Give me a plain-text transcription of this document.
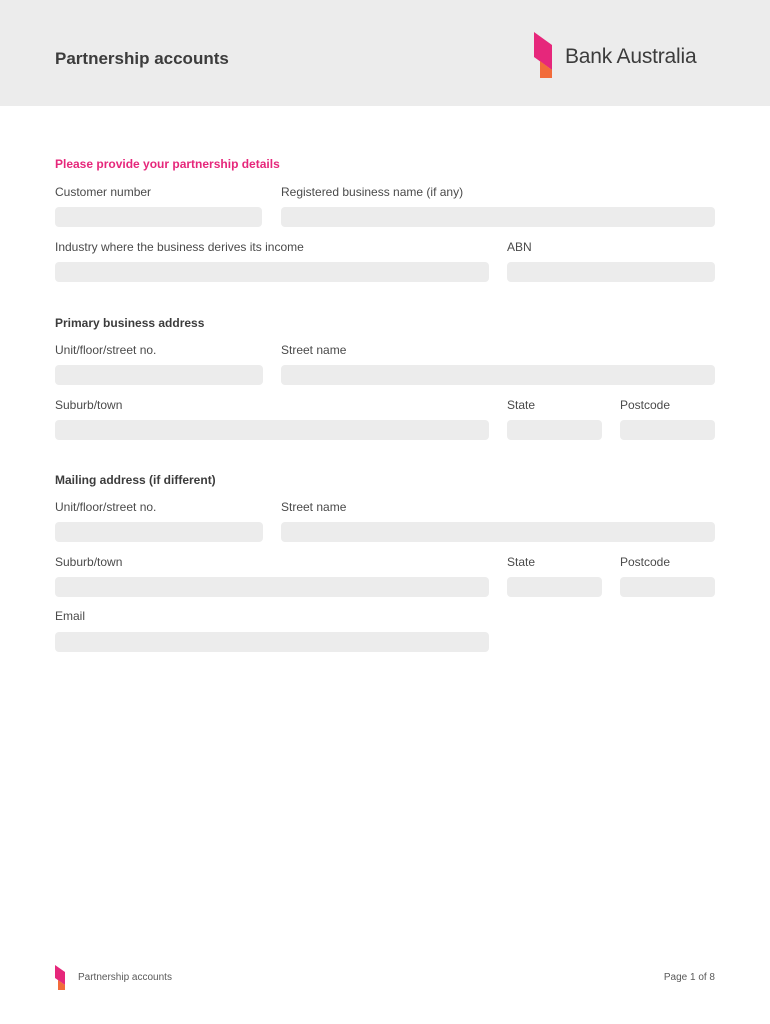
Partnership accounts	Bank Australia
Please provide your partnership details
Customer number	Registered business name (if any)
Industry where the business derives its income	ABN
Primary business address
Unit/floor/street no.	Street name
Suburb/town	State	Postcode
Mailing address (if different)
Unit/floor/street no.	Street name
Suburb/town	State	Postcode
Email
Partnership accounts	Page 1 of 8
